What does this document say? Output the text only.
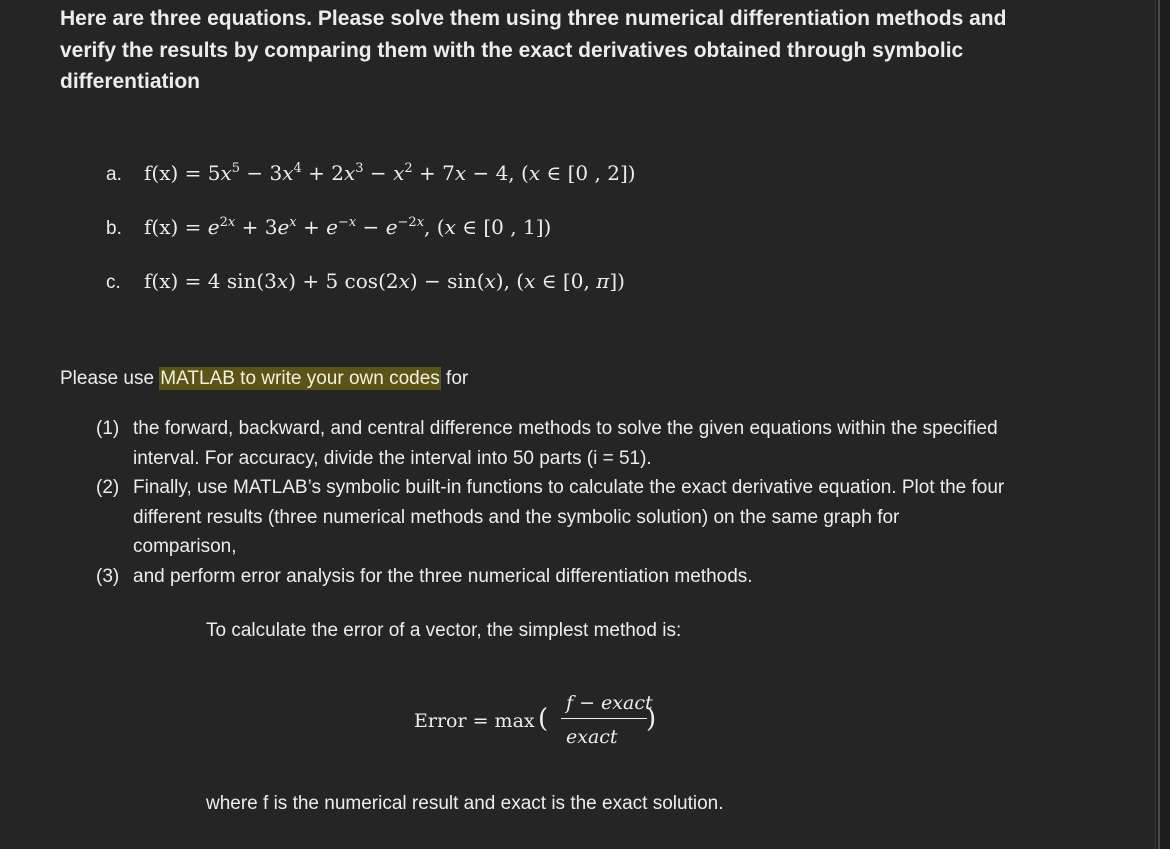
Here are three equations. Please solve them using three numerical differentiation methods and verify the results by comparing them with the exact derivatives obtained through symbolic differentiation
a. $f(x) = 5x^5 - 3x^4 + 2x^3 - x^2 + 7x - 4$, (x ∈ [0 , 2])
b. $f(x) = e^{2x} + 3e^x + e^{-x} - e^{-2x}$, (x ∈ [0 , 1])
c. f(x) = 4 sin(3x) + 5 cos(2x) − sin(x), (x ∈ [0, π])
Please use MATLAB to write your own codes for
(1) the forward, backward, and central difference methods to solve the given equations within the specified interval. For accuracy, divide the interval into 50 parts (i = 51).
(2) Finally, use MATLAB’s symbolic built-in functions to calculate the exact derivative equation. Plot the four different results (three numerical methods and the symbolic solution) on the same graph for comparison,
(3) and perform error analysis for the three numerical differentiation methods.
To calculate the error of a vector, the simplest method is:
Error = max (
f − exact
exact
)
where f is the numerical result and exact is the exact solution.
